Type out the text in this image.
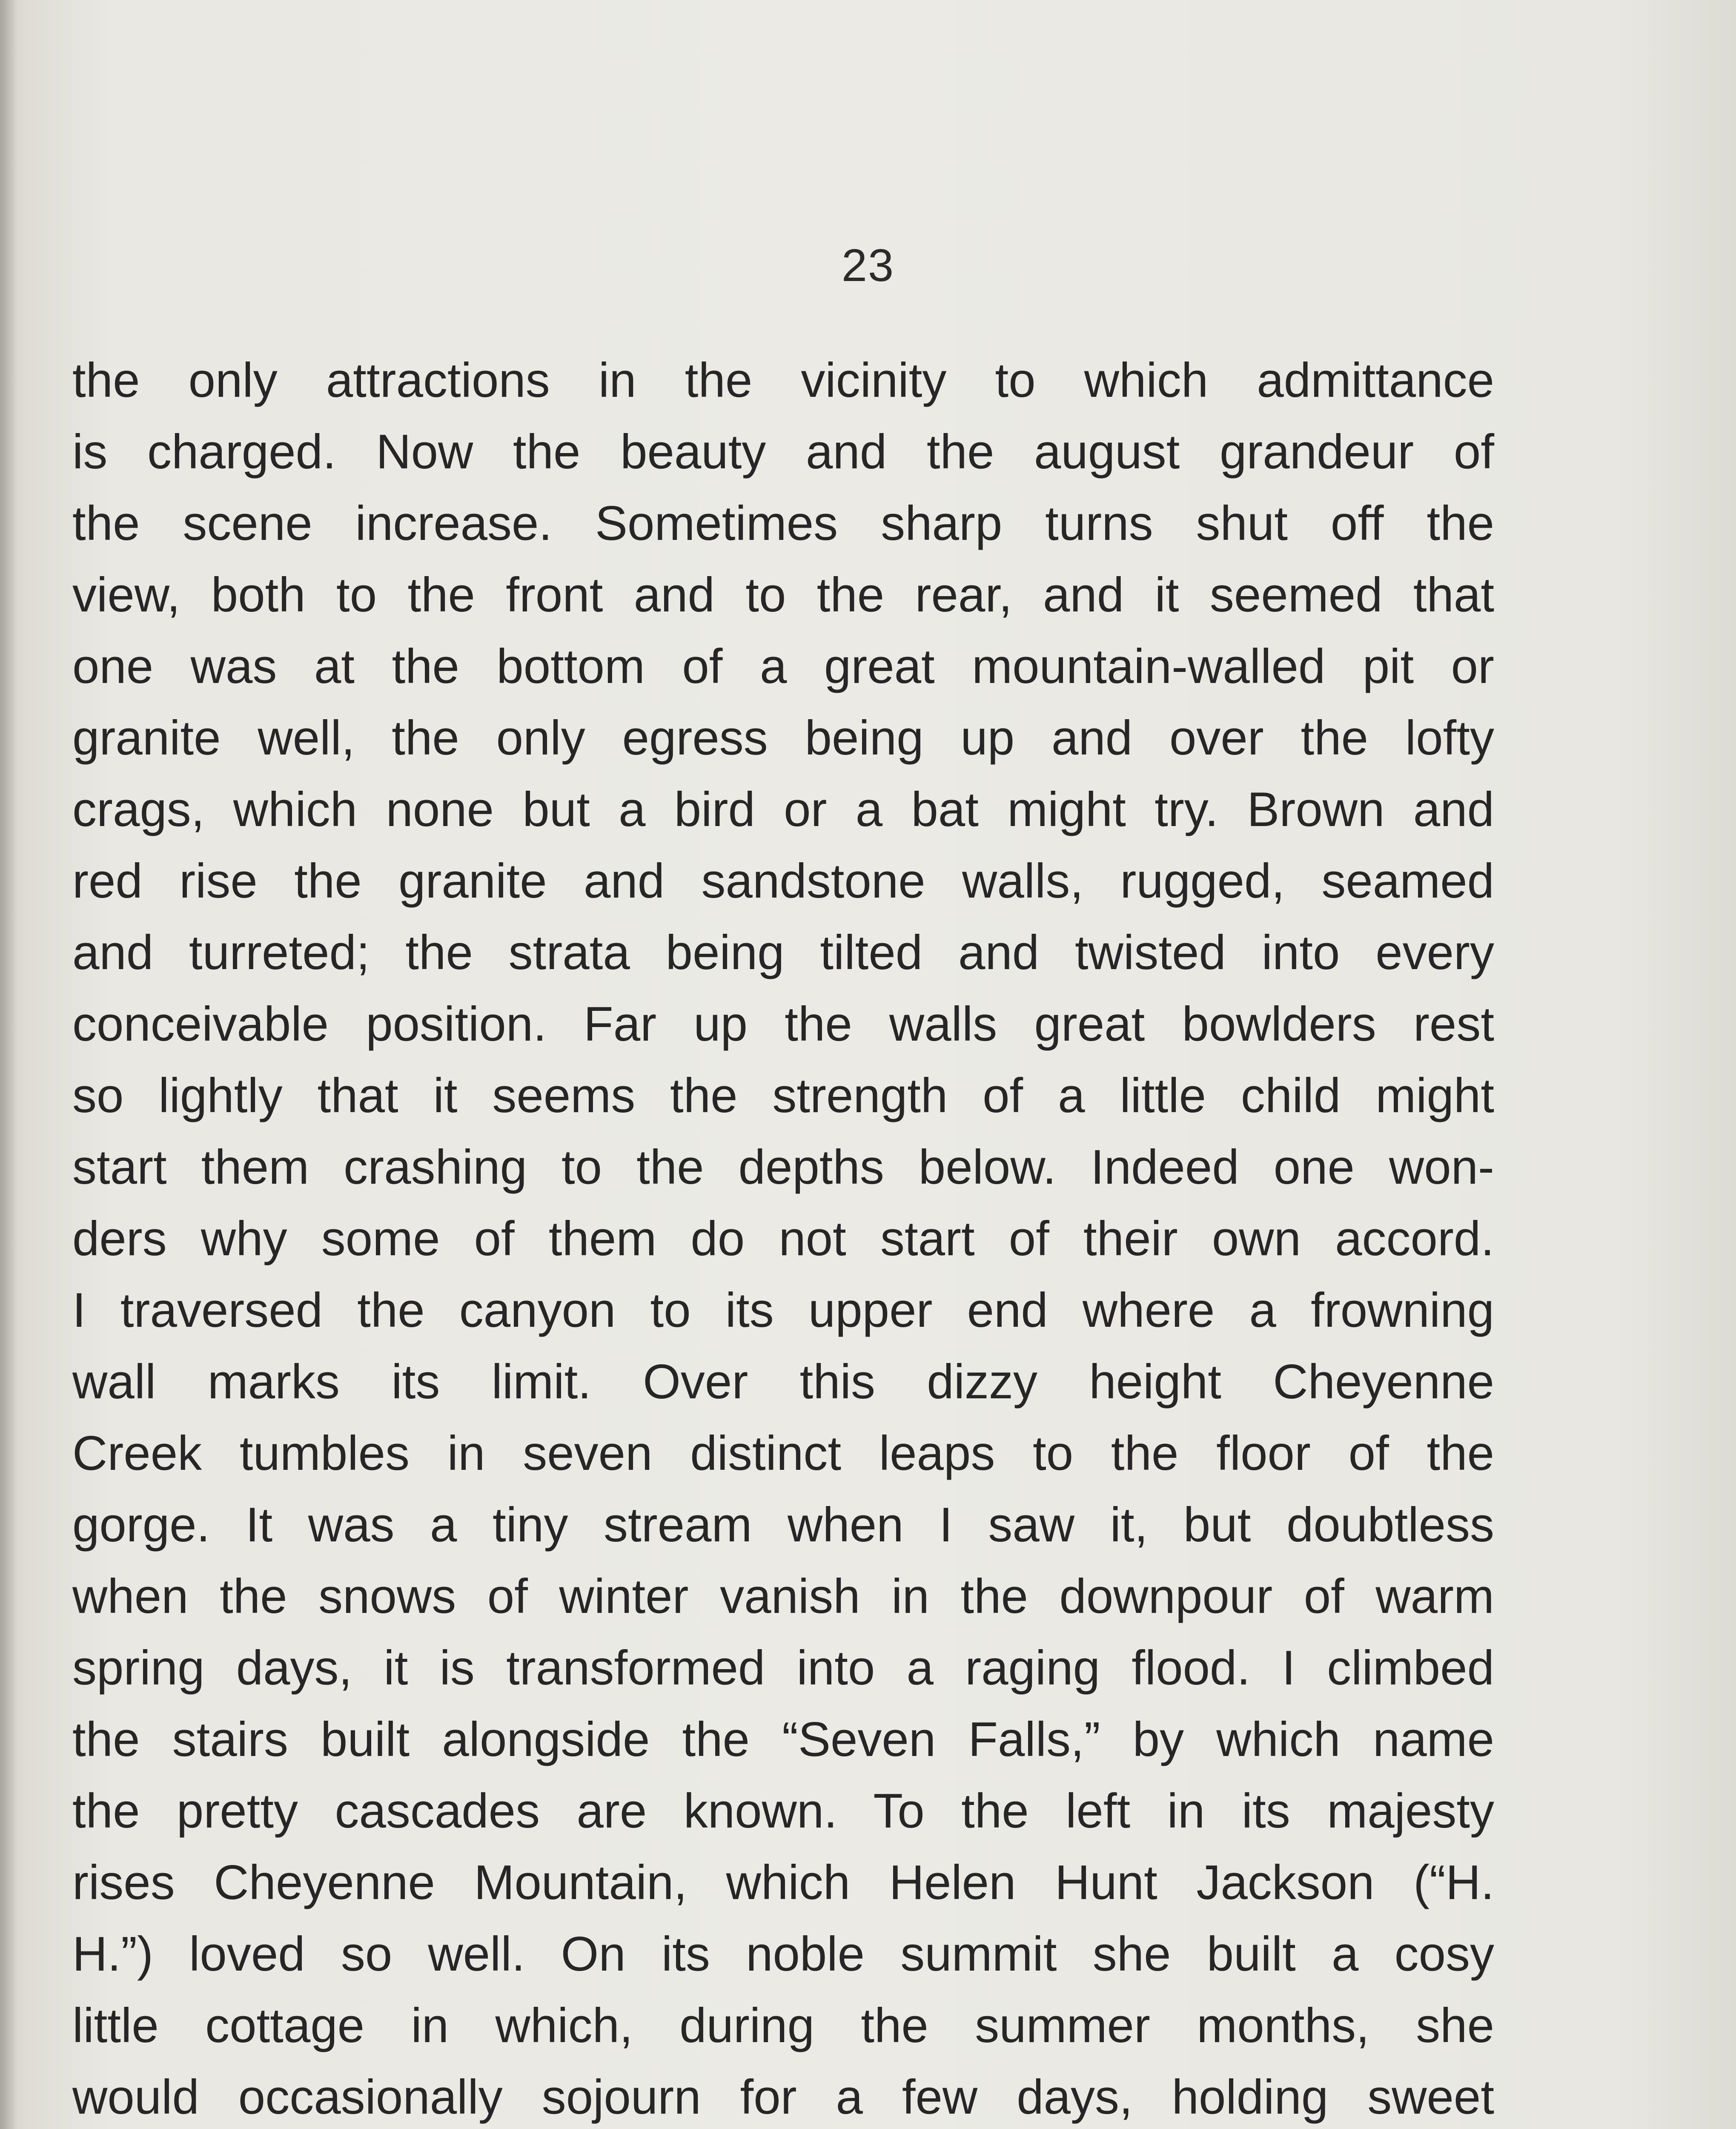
23
the only attractions in the vicinity to which admittance
is charged. Now the beauty and the august grandeur of
the scene increase. Sometimes sharp turns shut off the
view, both to the front and to the rear, and it seemed that
one was at the bottom of a great mountain-walled pit or
granite well, the only egress being up and over the lofty
crags, which none but a bird or a bat might try. Brown and
red rise the granite and sandstone walls, rugged, seamed
and turreted; the strata being tilted and twisted into every
conceivable position. Far up the walls great bowlders rest
so lightly that it seems the strength of a little child might
start them crashing to the depths below. Indeed one won-
ders why some of them do not start of their own accord.
I traversed the canyon to its upper end where a frowning
wall marks its limit. Over this dizzy height Cheyenne
Creek tumbles in seven distinct leaps to the floor of the
gorge. It was a tiny stream when I saw it, but doubtless
when the snows of winter vanish in the downpour of warm
spring days, it is transformed into a raging flood. I climbed
the stairs built alongside the “Seven Falls,” by which name
the pretty cascades are known. To the left in its majesty
rises Cheyenne Mountain, which Helen Hunt Jackson (“H.
H.”) loved so well. On its noble summit she built a cosy
little cottage in which, during the summer months, she
would occasionally sojourn for a few days, holding sweet
